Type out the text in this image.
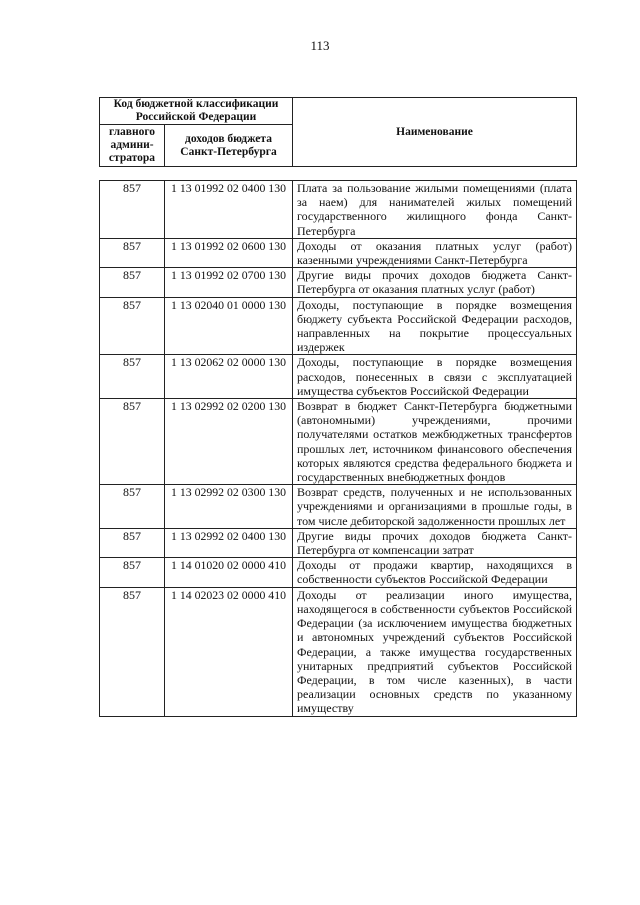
113
Код бюджетной классификации Российской Федерации		Наименование
главного админи-стратора	доходов бюджета Санкт-Петербурга	
857	1 13 01992 02 0400 130	Плата за пользование жилыми помещениями (плата за наем) для нанимателей жилых помещений государственного жилищного фонда Санкт-Петербурга
857	1 13 01992 02 0600 130	Доходы от оказания платных услуг (работ) казенными учреждениями Санкт-Петербурга
857	1 13 01992 02 0700 130	Другие виды прочих доходов бюджета Санкт-Петербурга от оказания платных услуг (работ)
857	1 13 02040 01 0000 130	Доходы, поступающие в порядке возмещения бюджету субъекта Российской Федерации расходов, направленных на покрытие процессуальных издержек
857	1 13 02062 02 0000 130	Доходы, поступающие в порядке возмещения расходов, понесенных в связи с эксплуатацией имущества субъектов Российской Федерации
857	1 13 02992 02 0200 130	Возврат в бюджет Санкт-Петербурга бюджетными (автономными) учреждениями, прочими получателями остатков межбюджетных трансфертов прошлых лет, источником финансового обеспечения которых являются средства федерального бюджета и государственных внебюджетных фондов
857	1 13 02992 02 0300 130	Возврат средств, полученных и не использованных учреждениями и организациями в прошлые годы, в том числе дебиторской задолженности прошлых лет
857	1 13 02992 02 0400 130	Другие виды прочих доходов бюджета Санкт-Петербурга от компенсации затрат
857	1 14 01020 02 0000 410	Доходы от продажи квартир, находящихся в собственности субъектов Российской Федерации
857	1 14 02023 02 0000 410	Доходы от реализации иного имущества, находящегося в собственности субъектов Российской Федерации (за исключением имущества бюджетных и автономных учреждений субъектов Российской Федерации, а также имущества государственных унитарных предприятий субъектов Российской Федерации, в том числе казенных), в части реализации основных средств по указанному имуществу
